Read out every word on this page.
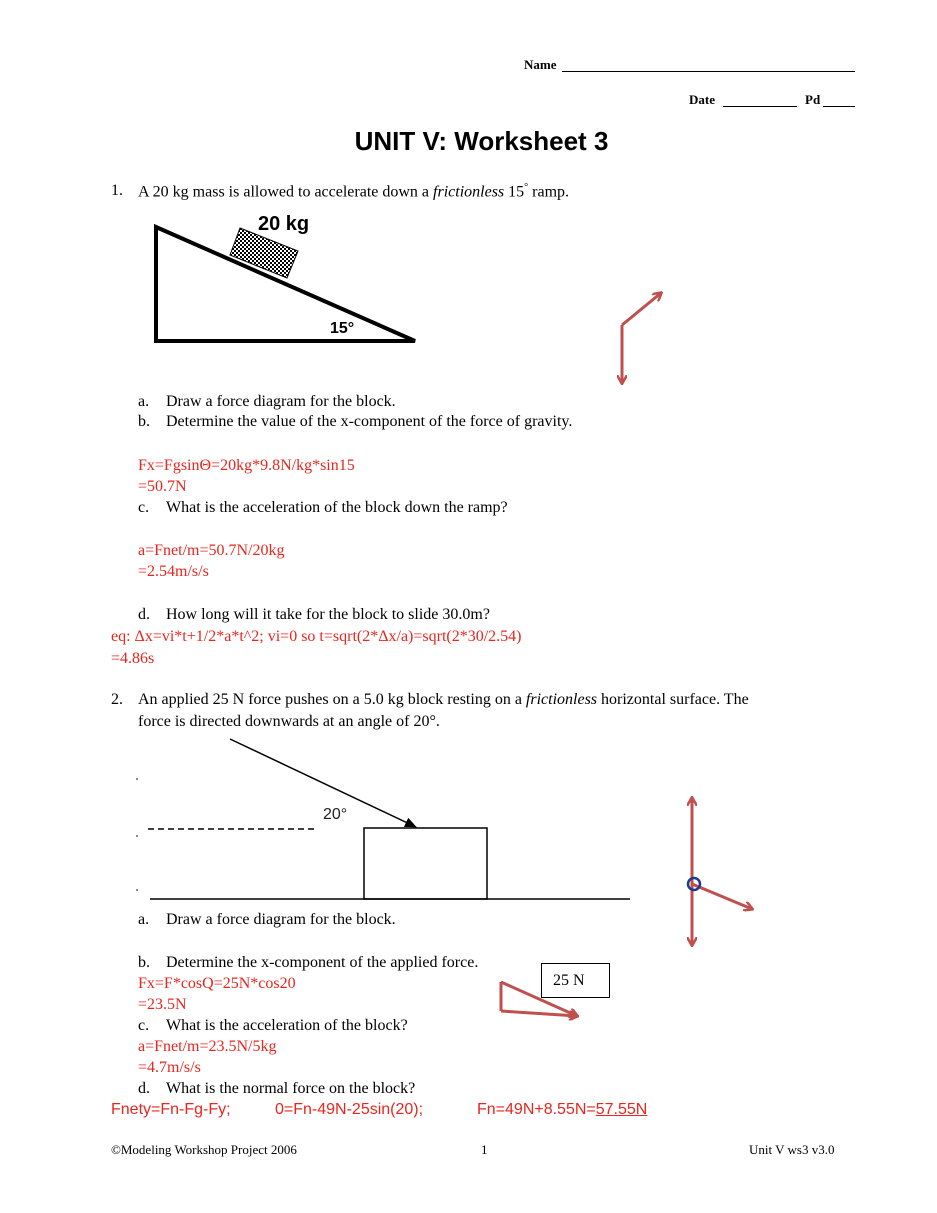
Name
Date	Pd
UNIT V: Worksheet 3
1. A 20 kg mass is allowed to accelerate down a frictionless 15° ramp.
20 kg
15°
a. Draw a force diagram for the block.
b. Determine the value of the x-component of the force of gravity.
Fx=FgsinΘ=20kg*9.8N/kg*sin15
=50.7N
c. What is the acceleration of the block down the ramp?
a=Fnet/m=50.7N/20kg
=2.54m/s/s
d. How long will it take for the block to slide 30.0m?
eq: Δx=vi*t+1/2*a*t^2; vi=0 so t=sqrt(2*Δx/a)=sqrt(2*30/2.54)
=4.86s
2. An applied 25 N force pushes on a 5.0 kg block resting on a frictionless horizontal surface. The
force is directed downwards at an angle of 20°.
20°
a. Draw a force diagram for the block.
b. Determine the x-component of the applied force.
25 N
Fx=F*cosQ=25N*cos20
=23.5N
c. What is the acceleration of the block?
a=Fnet/m=23.5N/5kg
=4.7m/s/s
d. What is the normal force on the block?
Fnety=Fn-Fg-Fy;	0=Fn-49N-25sin(20);	Fn=49N+8.55N=57.55N
©Modeling Workshop Project 2006	1	Unit V ws3 v3.0
